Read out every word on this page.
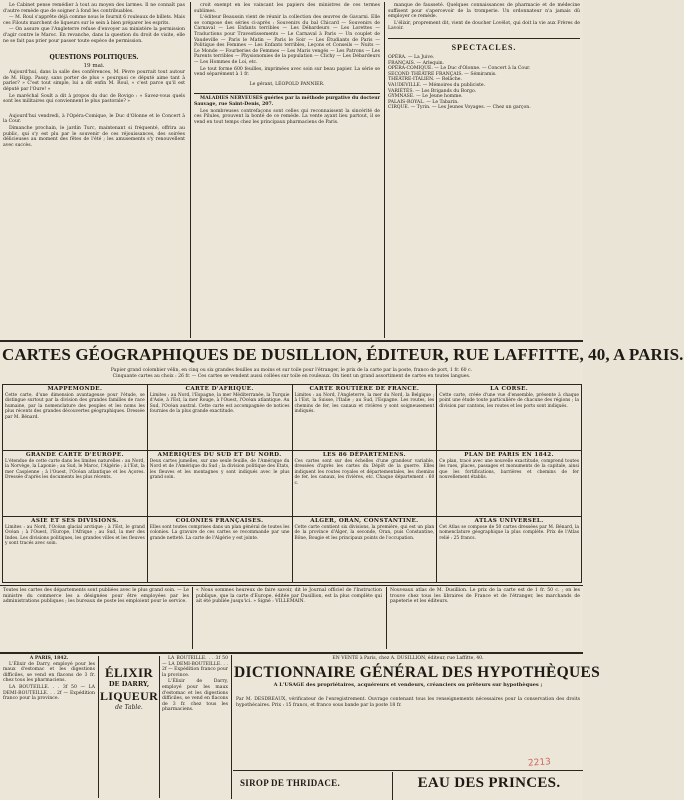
Le Cabinet pense remédier à tout au moyen des larmes. Il ne connaît pas d'autre remède que de soigner à fond les contribuables.

— M. Roul s'apprête déjà comme nous le fournit 6 rouleaux de billets. Mais ces Filouts marchent de liqueurs sur le sein à bien préparer les esprits.

— On assure que l'Angleterre refuse d'envoyer au ministère la permission d'agir contre le Maroc. En revanche, dans la question du droit de visite, elle ne se fait pas prier pour passer toute espèce de permission.

QUESTIONS POLITIQUES.
19 mai.

Aujourd'hui, dans la salle des conférences, M. Pèvre pourrait tout autour de M. Hipp. Passy, sans porter de plus « pourquoi ce député aime tant à parler? » C'est tout simple, lui a dit enfin M. Roul, « c'est parce qu'il est député par l'Oure! »

Le maréchal Soult a dit à propos du duc de Rovigo : « Savez-vous quels sont les militaires qui conviennent le plus pastorale? »

Aujourd'hui vendredi, à l'Opéra-Comique, le Duc d'Olonne et le Concert à la Cour.

Dimanche prochain, le jardin Turc, maintenant si fréquenté, offrira au public, qui s'y est plu par le souvenir de ces réjouissances, des soirées délicieuses au moment des fêtes de l'été ; les amusements s'y renouvellent avec succès.

croit exempt en les vaincant les papiers des ministres de ces termes sublimes.

L'éditeur Beaussin vient de réunir la collection des œuvres de Gavarni. Elle se compose des séries ci-après : Souvenirs du bal Chicard — Souvenirs de Carnaval — Les Enfants terribles — Les Débardeurs — Les Lorettes — Traductions pour Travestissements — Le Carnaval à Paris — Un couplet de Vaudeville — Paris le Matin — Paris le Soir — Les Étudiants de Paris — Politique des Femmes — Les Enfants terribles, Leçons et Conseils — Nuits — Le Monde — Fourberies de Femmes — Les Maris vengés — Les Patrons — Les Parents terribles — Physionomies de la population — Clichy — Les Débardeurs — Les Hommes de Loi, etc.

Le tout forme 600 feuilles, imprimées avec soin sur beau papier. La série se vend séparément à 1 fr.

Le gérant, LÉOPOLD PANNIER.

MALADIES NERVEUSES guéries par la méthode purgative du docteur Sauvage, rue Saint-Denis, 207.

Les nombreuses contrefaçons sont celles qui reconnaissent la sincérité de ces Pilules, prouvent la bonté de ce remède. La vente ayant lieu partout, il se vend en tout temps chez les principaux pharmaciens de Paris.

manque de fausseté. Quelques connaissances de pharmacie et de médecine suffisent pour s'apercevoir de la tromperie. Un ordonnateur n'a jamais dû employer ce remède.

L'élixir, proprement dit, vient de doucher Lovélot, qui doit la vie aux Frères de Lavoir.

SPECTACLES.
OPÉRA. — La Juive.
FRANÇAIS. — Arlequin.
OPÉRA-COMIQUE. — Le Duc d'Olonne. — Concert à la Cour.
SECOND THÉÂTRE FRANÇAIS. — Sémiramis.
THÉÂTRE-ITALIEN. — Relâche.
VAUDEVILLE. — Mémoires du publiciste.
VARIÉTÉS. — Les Brigands du Borgo.
GYMNASE. — Le Jeune homme.
PALAIS-ROYAL. — Le Tabarin.
CIRQUE. — Tyrin. — Les Jeunes Voyages. — Chez un garçon.
CARTES GÉOGRAPHIQUES DE DUSILLION, ÉDITEUR, RUE LAFFITTE, 40, A PARIS.
Papier grand colombier vélin, en cinq ou six grandes feuilles au moins et sur toile pour l'étranger, le prix de la carte par la poste, franco de port, 1 fr. 60 c.
Cinquante cartes au choix : 26 fr. — Ces cartes se vendent aussi collées sur toile en rouleaux. On tient un grand assortiment de cartes en toutes langues.
MAPPEMONDE.
Cette carte, d'une dimension avantageuse pour l'étude, se distingue surtout par la division des grandes familles de race humaine, par la nomenclature des peuples et les noms les plus récents des grandes découvertes géographiques. Dressée par M. Bénard.
CARTE D'AFRIQUE.
Limites : au Nord, l'Espagne, la mer Méditerranée, la Turquie d'Asie, à l'Est, la mer Rouge, à l'Ouest, l'Océan atlantique. Au Sud, l'Océan austral. Cette carte est accompagnée de notices fournies de la plus grande exactitude.
CARTE ROUTIÈRE DE FRANCE.
Limites : au Nord, l'Angleterre, la mer du Nord, la Belgique ; à l'Est, la Suisse, l'Italie ; au Sud, l'Espagne. Les routes, les chemins de fer, les canaux et rivières y sont soigneusement indiqués.
LA CORSE.
Cette carte, créée d'une vue d'ensemble, présente à chaque point une étude toute particulière de chacune des régions ; la division par cantons, les routes et les ports sont indiqués.
GRANDE CARTE D'EUROPE.
L'étendue de cette carte dans les limites naturelles : au Nord, la Norvège, la Laponie ; au Sud, le Maroc, l'Algérie ; à l'Est, la mer Caspienne ; à l'Ouest, l'Océan atlantique et les Açores. Dressée d'après les documents les plus récents.
AMÉRIQUES DU SUD ET DU NORD.
Deux cartes jumelles, sur une seule feuille, de l'Amérique du Nord et de l'Amérique du Sud ; la division politique des États, les fleuves et les montagnes y sont indiqués avec le plus grand soin.
LES 86 DÉPARTEMENS.
Ces cartes sont sur des échelles d'une grandeur variable, dressées d'après les cartes du Dépôt de la guerre. Elles indiquent les routes royales et départementales, les chemins de fer, les canaux, les rivières, etc. Chaque département : 60 c.
PLAN DE PARIS EN 1842.
Ce plan, tracé avec une nouvelle exactitude, comprend toutes les rues, places, passages et monuments de la capitale, ainsi que les fortifications, barrières et chemins de fer nouvellement établis.
ASIE ET SES DIVISIONS.
Limites : au Nord, l'Océan glacial arctique ; à l'Est, le grand Océan ; à l'Ouest, l'Europe, l'Afrique ; au Sud, la mer des Indes. Les divisions politiques, les grandes villes et les fleuves y sont tracés avec soin.
COLONIES FRANÇAISES.
Elles sont toutes comprises dans un plan général de toutes les colonies. La gravure de ces cartes se recommande par une grande netteté. La carte de l'Algérie y est jointe.
ALGER, ORAN, CONSTANTINE.
Cette carte contient six divisions, la première, qui est un plan de la province d'Alger, la seconde, Oran, puis Constantine, Bône, Bougie et les principaux points de l'occupation.
ATLAS UNIVERSEL.
Cet Atlas se compose de 50 cartes dressées par M. Bénard, la nomenclature géographique la plus complète. Prix de l'Atlas relié : 25 francs.
Toutes les cartes des départements sont publiées avec le plus grand soin. — Le ministre du commerce les a désignées pour être employées par les administrations publiques ; les bureaux de poste les emploient pour le service.
« Nous sommes heureux de faire savoir, dit le Journal officiel de l'Instruction publique, que la carte d'Europe, éditée par Dusillion, est la plus complète qui ait été publiée jusqu'ici. » Signé : VILLEMAIN.
Nouveaux atlas de M. Dusillion. Le prix de la carte est de 1 fr. 50 c. ; on les trouve chez tous les libraires de France et de l'étranger, les marchands de papeterie et les éditeurs.
A PARIS, 1842.

L'Élixir de Darry, employé pour les maux d'estomac et les digestions difficiles, se vend en flacons de 3 fr. chez tous les pharmaciens.

LA BOUTEILLE. . . 3f 50 — LA DEMI-BOUTEILLE. . . 2f — Expédition franco pour la province.

ÉLIXIR
DE DARRY,
LIQUEUR
de Table.

LA BOUTEILLE. . . 3f 50 — LA DEMI-BOUTEILLE. . . 2f — Expédition franco pour la province.

L'Élixir de Darry, employé pour les maux d'estomac et les digestions difficiles, se vend en flacons de 3 fr. chez tous les pharmaciens.

EN VENTE à Paris, chez A. DUSILLION, éditeur, rue Laffitte, 40.
DICTIONNAIRE GÉNÉRAL DES HYPOTHÈQUES
A L'USAGE des propriétaires, acquéreurs et vendeurs, créanciers ou prêteurs sur hypothèques ;
Par M. DESDREAUX, vérificateur de l'enregistrement. Ouvrage contenant tous les renseignements nécessaires pour la conservation des droits hypothécaires. Prix : 15 francs, et franco sous bande par la poste 18 fr.
SIROP DE THRIDACE.	EAU DES PRINCES.
2213
